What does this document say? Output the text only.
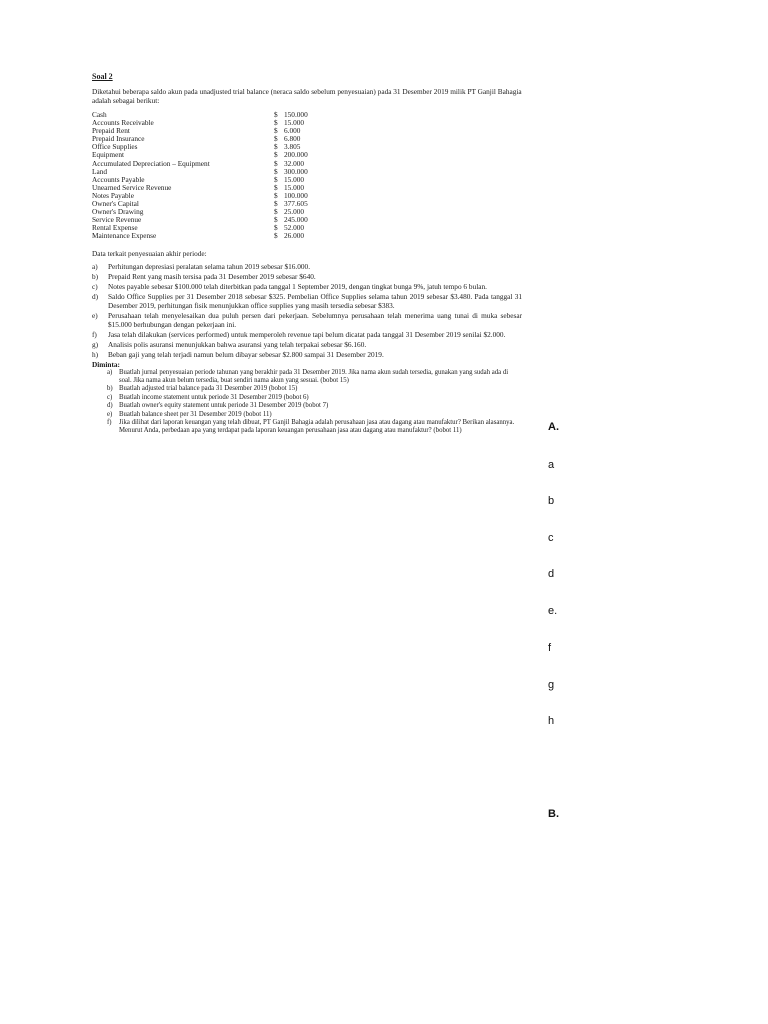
Soal 2
Diketahui beberapa saldo akun pada unadjusted trial balance (neraca saldo sebelum penyesuaian) pada 31 Desember 2019 milik PT Ganjil Bahagia adalah sebagai berikut:
Cash	$ 150.000
Accounts Receivable	$ 15.000
Prepaid Rent	$ 6.000
Prepaid Insurance	$ 6.800
Office Supplies	$ 3.805
Equipment	$ 200.000
Accumulated Depreciation – Equipment	$ 32.000
Land	$ 300.000
Accounts Payable	$ 15.000
Unearned Service Revenue	$ 15.000
Notes Payable	$ 100.000
Owner's Capital	$ 377.605
Owner's Drawing	$ 25.000
Service Revenue	$ 245.000
Rental Expense	$ 52.000
Maintenance Expense	$ 26.000
Data terkait penyesuaian akhir periode:
a)	Perhitungan depresiasi peralatan selama tahun 2019 sebesar $16.000.
b)	Prepaid Rent yang masih tersisa pada 31 Desember 2019 sebesar $640.
c)	Notes payable sebesar $100.000 telah diterbitkan pada tanggal 1 September 2019, dengan tingkat bunga 9%, jatuh tempo 6 bulan.
d)	Saldo Office Supplies per 31 Desember 2018 sebesar $325. Pembelian Office Supplies selama tahun 2019 sebesar $3.480. Pada tanggal 31 Desember 2019, perhitungan fisik menunjukkan office supplies yang masih tersedia sebesar $383.
e)	Perusahaan telah menyelesaikan dua puluh persen dari pekerjaan. Sebelumnya perusahaan telah menerima uang tunai di muka sebesar $15.000 berhubungan dengan pekerjaan ini.
f)	Jasa telah dilakukan (services performed) untuk memperoleh revenue tapi belum dicatat pada tanggal 31 Desember 2019 senilai $2.000.
g)	Analisis polis asuransi menunjukkan bahwa asuransi yang telah terpakai sebesar $6.160.
h)	Beban gaji yang telah terjadi namun belum dibayar sebesar $2.800 sampai 31 Desember 2019.
Diminta:
a) Buatlah jurnal penyesuaian periode tahunan yang berakhir pada 31 Desember 2019. Jika nama akun sudah tersedia, gunakan yang sudah ada di soal. Jika nama akun belum tersedia, buat sendiri nama akun yang sesuai. (bobot 15)
b) Buatlah adjusted trial balance pada 31 Desember 2019 (bobot 15)
c) Buatlah income statement untuk periode 31 Desember 2019 (bobot 6)
d) Buatlah owner's equity statement untuk periode 31 Desember 2019 (bobot 7)
e) Buatlah balance sheet per 31 Desember 2019 (bobot 11)
f)	Jika dilihat dari laporan keuangan yang telah dibuat, PT Ganjil Bahagia adalah perusahaan jasa atau dagang atau manufaktur? Berikan alasannya. Menurut Anda, perbedaan apa yang terdapat pada laporan keuangan perusahaan jasa atau dagang atau manufaktur? (bobot 11)	A.
a
b
c
d
e.
f
g
h
B.
